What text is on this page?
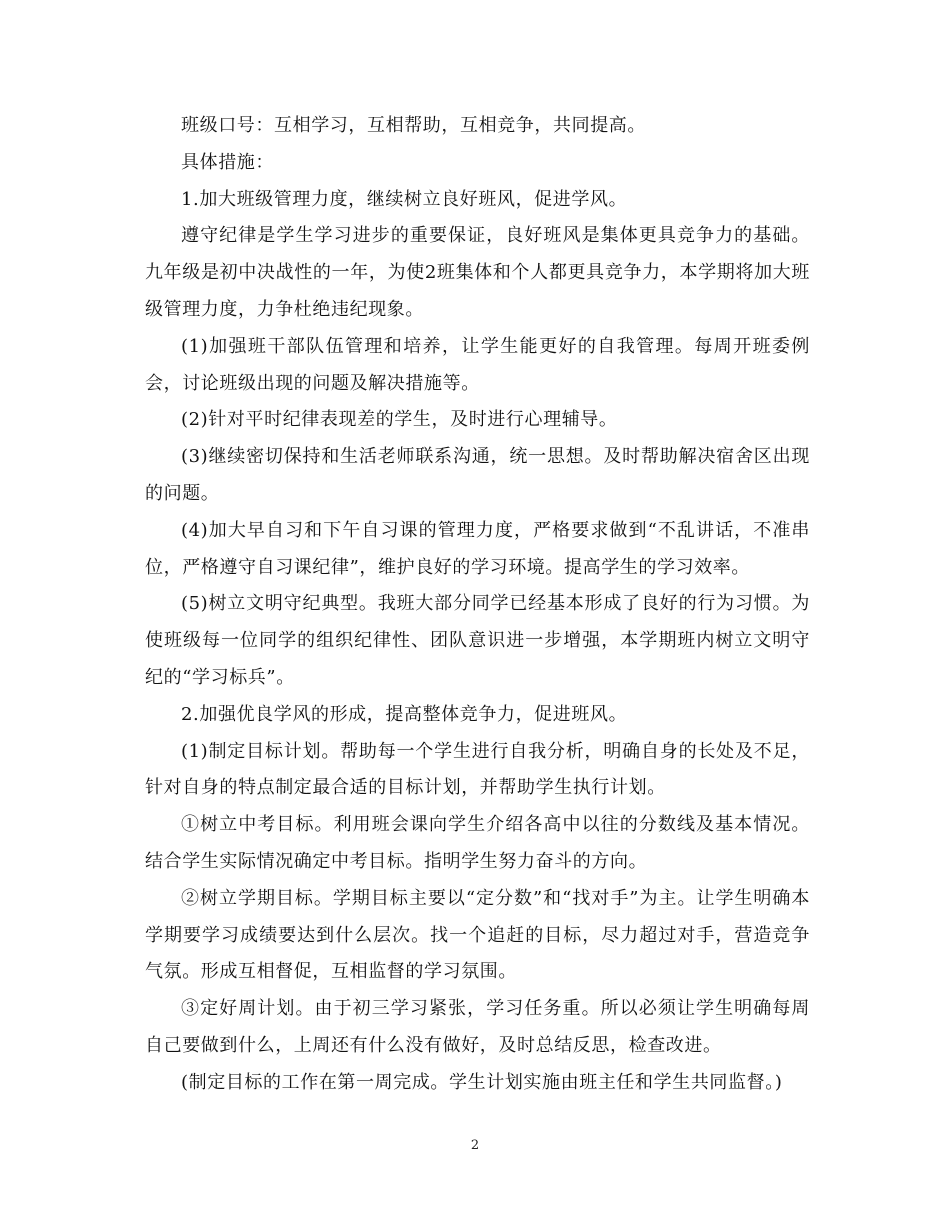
班级口号：互相学习，互相帮助，互相竞争，共同提高。

具体措施：

1.加大班级管理力度，继续树立良好班风，促进学风。

遵守纪律是学生学习进步的重要保证，良好班风是集体更具竞争力的基础。九年级是初中决战性的一年，为使2班集体和个人都更具竞争力，本学期将加大班级管理力度，力争杜绝违纪现象。

(1)加强班干部队伍管理和培养，让学生能更好的自我管理。每周开班委例会，讨论班级出现的问题及解决措施等。

(2)针对平时纪律表现差的学生，及时进行心理辅导。

(3)继续密切保持和生活老师联系沟通，统一思想。及时帮助解决宿舍区出现的问题。

(4)加大早自习和下午自习课的管理力度，严格要求做到“不乱讲话，不准串位，严格遵守自习课纪律”，维护良好的学习环境。提高学生的学习效率。

(5)树立文明守纪典型。我班大部分同学已经基本形成了良好的行为习惯。为使班级每一位同学的组织纪律性、团队意识进一步增强，本学期班内树立文明守纪的“学习标兵”。

2.加强优良学风的形成，提高整体竞争力，促进班风。

(1)制定目标计划。帮助每一个学生进行自我分析，明确自身的长处及不足，针对自身的特点制定最合适的目标计划，并帮助学生执行计划。

①树立中考目标。利用班会课向学生介绍各高中以往的分数线及基本情况。结合学生实际情况确定中考目标。指明学生努力奋斗的方向。

②树立学期目标。学期目标主要以“定分数”和“找对手”为主。让学生明确本学期要学习成绩要达到什么层次。找一个追赶的目标，尽力超过对手，营造竞争气氛。形成互相督促，互相监督的学习氛围。

③定好周计划。由于初三学习紧张，学习任务重。所以必须让学生明确每周自己要做到什么，上周还有什么没有做好，及时总结反思，检查改进。

(制定目标的工作在第一周完成。学生计划实施由班主任和学生共同监督。)

2
